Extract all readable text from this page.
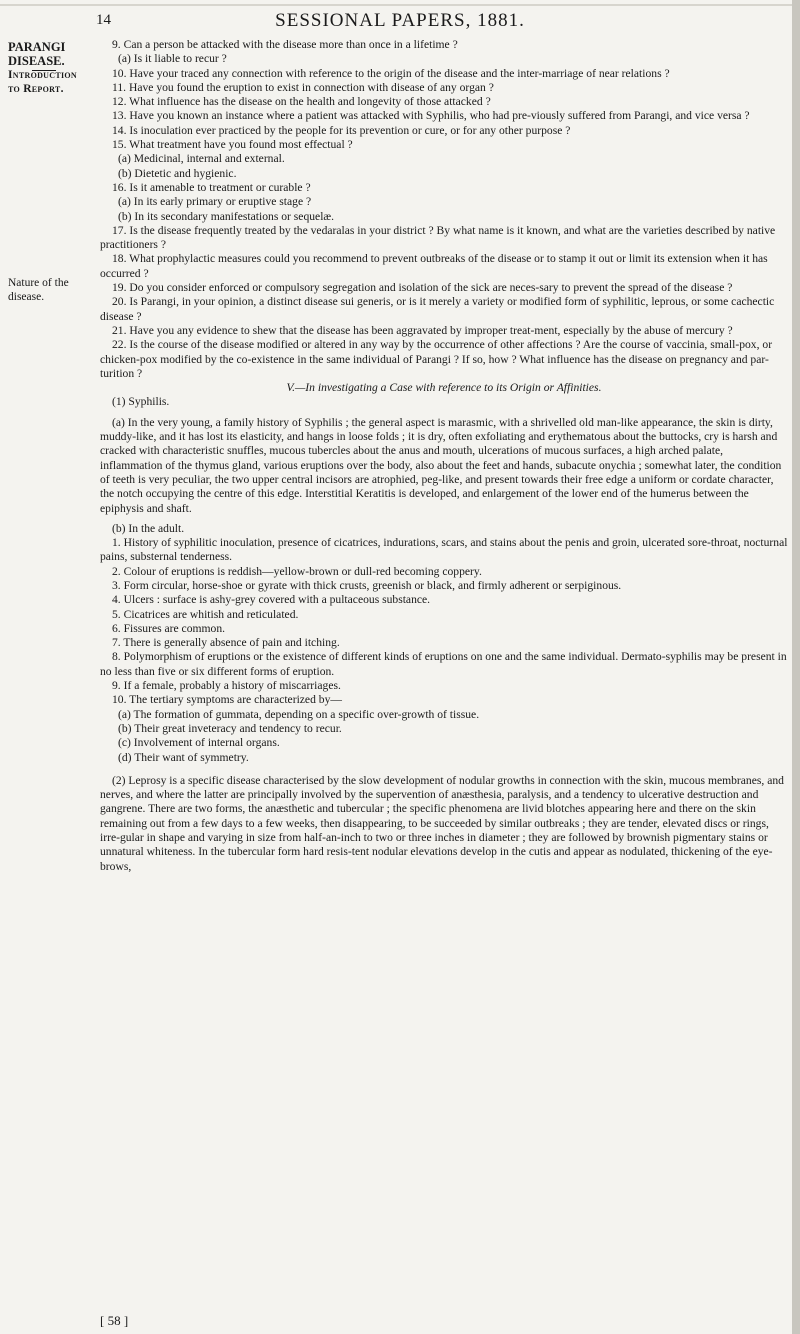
14	SESSIONAL PAPERS, 1881.
PARANGI DISEASE.
Introduction to Report.
Nature of the disease.

9. Can a person be attacked with the disease more than once in a lifetime ?

(a) Is it liable to recur ?

10. Have your traced any connection with reference to the origin of the disease and the inter-marriage of near relations ?

11. Have you found the eruption to exist in connection with disease of any organ ?

12. What influence has the disease on the health and longevity of those attacked ?

13. Have you known an instance where a patient was attacked with Syphilis, who had pre-viously suffered from Parangi, and vice versa ?

14. Is inoculation ever practiced by the people for its prevention or cure, or for any other purpose ?

15. What treatment have you found most effectual ?

(a) Medicinal, internal and external.

(b) Dietetic and hygienic.

16. Is it amenable to treatment or curable ?

(a) In its early primary or eruptive stage ?

(b) In its secondary manifestations or sequelæ.

17. Is the disease frequently treated by the vedaralas in your district ? By what name is it known, and what are the varieties described by native practitioners ?

18. What prophylactic measures could you recommend to prevent outbreaks of the disease or to stamp it out or limit its extension when it has occurred ?

19. Do you consider enforced or compulsory segregation and isolation of the sick are neces-sary to prevent the spread of the disease ?

20. Is Parangi, in your opinion, a distinct disease sui generis, or is it merely a variety or modified form of syphilitic, leprous, or some cachectic disease ?

21. Have you any evidence to shew that the disease has been aggravated by improper treat-ment, especially by the abuse of mercury ?

22. Is the course of the disease modified or altered in any way by the occurrence of other affections ? Are the course of vaccinia, small-pox, or chicken-pox modified by the co-existence in the same individual of Parangi ? If so, how ? What influence has the disease on pregnancy and par-turition ?

V.—In investigating a Case with reference to its Origin or Affinities.

(1) Syphilis.

(a) In the very young, a family history of Syphilis ; the general aspect is marasmic, with a shrivelled old man-like appearance, the skin is dirty, muddy-like, and it has lost its elasticity, and hangs in loose folds ; it is dry, often exfoliating and erythematous about the buttocks, cry is harsh and cracked with characteristic snuffles, mucous tubercles about the anus and mouth, ulcerations of mucous surfaces, a high arched palate, inflammation of the thymus gland, various eruptions over the body, also about the feet and hands, subacute onychia ; somewhat later, the condition of teeth is very peculiar, the two upper central incisors are atrophied, peg-like, and present towards their free edge a uniform or cordate character, the notch occupying the centre of this edge. Interstitial Keratitis is developed, and enlargement of the lower end of the humerus between the epiphysis and shaft.

(b) In the adult.

1. History of syphilitic inoculation, presence of cicatrices, indurations, scars, and stains about the penis and groin, ulcerated sore-throat, nocturnal pains, substernal tenderness.

2. Colour of eruptions is reddish—yellow-brown or dull-red becoming coppery.

3. Form circular, horse-shoe or gyrate with thick crusts, greenish or black, and firmly adherent or serpiginous.

4. Ulcers : surface is ashy-grey covered with a pultaceous substance.

5. Cicatrices are whitish and reticulated.

6. Fissures are common.

7. There is generally absence of pain and itching.

8. Polymorphism of eruptions or the existence of different kinds of eruptions on one and the same individual. Dermato-syphilis may be present in no less than five or six different forms of eruption.

9. If a female, probably a history of miscarriages.

10. The tertiary symptoms are characterized by—

(a) The formation of gummata, depending on a specific over-growth of tissue.

(b) Their great inveteracy and tendency to recur.

(c) Involvement of internal organs.

(d) Their want of symmetry.

(2) Leprosy is a specific disease characterised by the slow development of nodular growths in connection with the skin, mucous membranes, and nerves, and where the latter are principally involved by the supervention of anæsthesia, paralysis, and a tendency to ulcerative destruction and gangrene. There are two forms, the anæsthetic and tubercular ; the specific phenomena are livid blotches appearing here and there on the skin remaining out from a few days to a few weeks, then disappearing, to be succeeded by similar outbreaks ; they are tender, elevated discs or rings, irre-gular in shape and varying in size from half-an-inch to two or three inches in diameter ; they are followed by brownish pigmentary stains or unnatural whiteness. In the tubercular form hard resis-tent nodular elevations develop in the cutis and appear as nodulated, thickening of the eye-brows,

[ 58 ]
